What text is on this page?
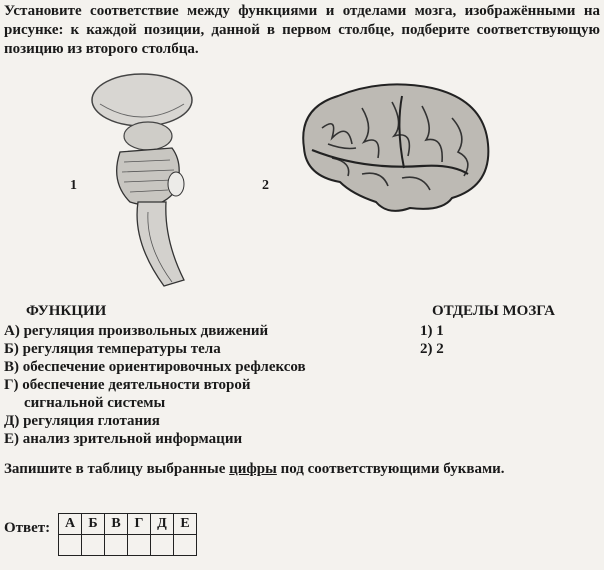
Установите соответствие между функциями и отделами мозга, изображёнными на рисунке: к каждой позиции, данной в первом столбце, подберите соответствующую позицию из второго столбца.
1	2
ФУНКЦИИ	ОТДЕЛЫ МОЗГА
А) регуляция произвольных движений
Б) регуляция температуры тела
В) обеспечение ориентировочных рефлексов
Г) обеспечение деятельности второй
сигнальной системы
Д) регуляция глотания
Е) анализ зрительной информации
1) 1
2) 2
Запишите в таблицу выбранные цифры под соответствующими буквами.
Ответ: А	Б	В	Г	Д	Е
